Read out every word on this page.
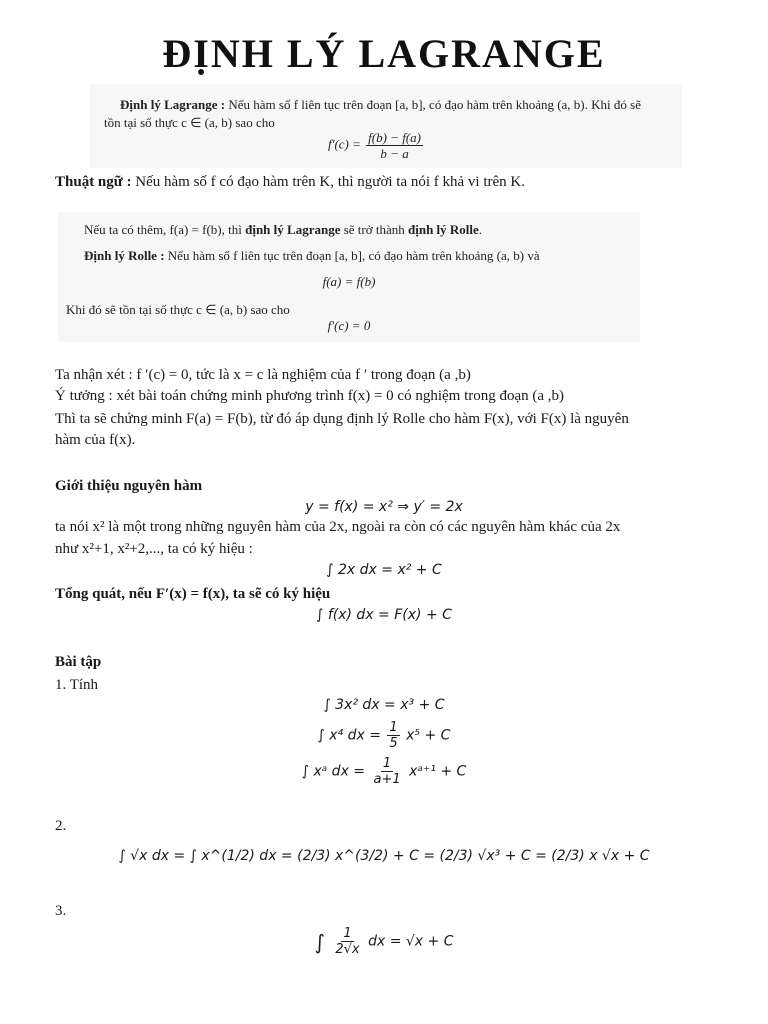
ĐỊNH LÝ LAGRANGE
Định lý Lagrange : Nếu hàm số f liên tục trên đoạn [a, b], có đạo hàm trên khoảng (a, b). Khi đó sẽ
tồn tại số thực c ∈ (a, b) sao cho
$f'(c) = \frac{f(b) - f(a)}{b - a}$
Thuật ngữ : Nếu hàm số f có đạo hàm trên K, thì người ta nói f khả vi trên K.
Nếu ta có thêm, f(a) = f(b), thì định lý Lagrange sẽ trở thành định lý Rolle.
Định lý Rolle : Nếu hàm số f liên tục trên đoạn [a, b], có đạo hàm trên khoảng (a, b) và
f(a) = f(b)
Khi đó sẽ tồn tại số thực c ∈ (a, b) sao cho
f′(c) = 0
Ta nhận xét : f ′(c) = 0, tức là x = c là nghiệm của f ′ trong đoạn (a ,b)
Ý tưởng : xét bài toán chứng minh phương trình f(x) = 0 có nghiệm trong đoạn (a ,b)
Thì ta sẽ chứng minh F(a) = F(b), từ đó áp dụng định lý Rolle cho hàm F(x), với F(x) là nguyên
hàm của f(x).
Giới thiệu nguyên hàm
y = f(x) = x² ⇒ y′ = 2x
ta nói x² là một trong những nguyên hàm của 2x, ngoài ra còn có các nguyên hàm khác của 2x
như x²+1, x²+2,..., ta có ký hiệu :
∫ 2x dx = x² + C
Tổng quát, nếu F′(x) = f(x), ta sẽ có ký hiệu
∫ f(x) dx = F(x) + C
Bài tập
1. Tính
∫ 3x² dx = x³ + C
∫ x⁴ dx = $\frac{1}{5} x^5 + C$
∫ xᵃ dx = $\frac{1}{a+1}$ xᵃ⁺¹ + C
2.
∫ √x dx = ∫ x^(1/2) dx = (2/3) x^(3/2) + C = (2/3) √x³ + C = (2/3) x √x + C
3.
∫ $\frac{1}{2√x}$ dx = √x + C
